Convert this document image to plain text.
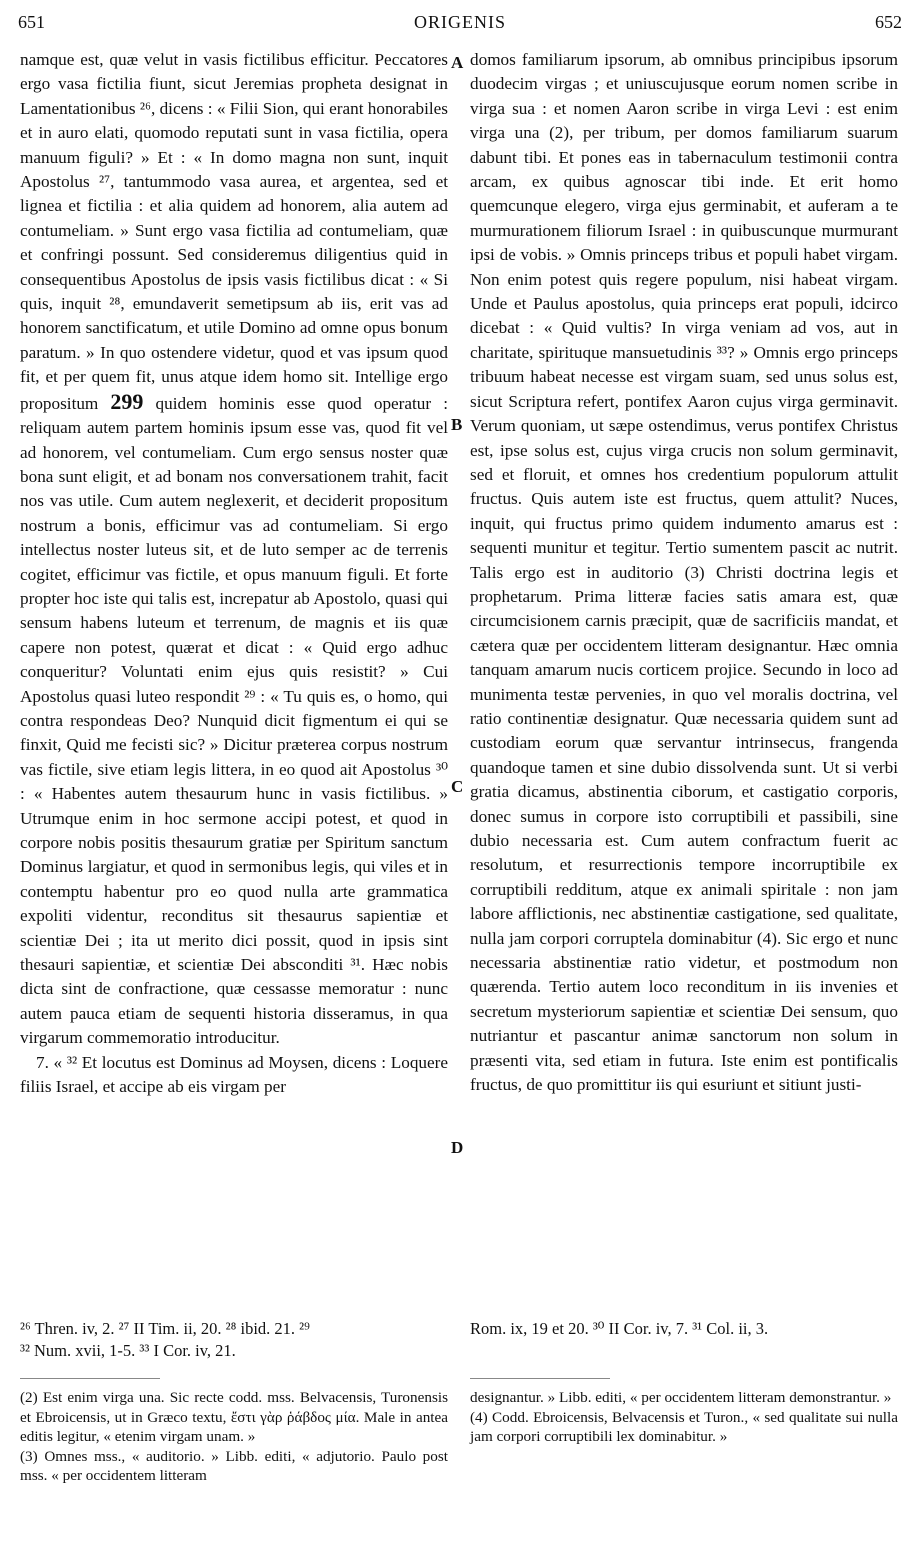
651	ORIGENIS	652
A
B
C
D

namque est, quæ velut in vasis fictilibus efficitur. Peccatores ergo vasa fictilia fiunt, sicut Jeremias propheta designat in Lamentationibus ²⁶, dicens : « Filii Sion, qui erant honorabiles et in auro elati, quomodo reputati sunt in vasa fictilia, opera manuum figuli? » Et : « In domo magna non sunt, inquit Apostolus ²⁷, tantummodo vasa aurea, et argentea, sed et lignea et fictilia : et alia quidem ad honorem, alia autem ad contumeliam. » Sunt ergo vasa fictilia ad contumeliam, quæ et confringi possunt. Sed consideremus diligentius quid in consequentibus Apostolus de ipsis vasis fictilibus dicat : « Si quis, inquit ²⁸, emundaverit semetipsum ab iis, erit vas ad honorem sanctificatum, et utile Domino ad omne opus bonum paratum. » In quo ostendere videtur, quod et vas ipsum quod fit, et per quem fit, unus atque idem homo sit. Intellige ergo propositum 299 quidem hominis esse quod operatur : reliquam autem partem hominis ipsum esse vas, quod fit vel ad honorem, vel contumeliam. Cum ergo sensus noster quæ bona sunt eligit, et ad bonam nos conversationem trahit, facit nos vas utile. Cum autem neglexerit, et deciderit propositum nostrum a bonis, efficimur vas ad contumeliam. Si ergo intellectus noster luteus sit, et de luto semper ac de terrenis cogitet, efficimur vas fictile, et opus manuum figuli. Et forte propter hoc iste qui talis est, increpatur ab Apostolo, quasi qui sensum habens luteum et terrenum, de magnis et iis quæ capere non potest, quærat et dicat : « Quid ergo adhuc conqueritur? Voluntati enim ejus quis resistit? » Cui Apostolus quasi luteo respondit ²⁹ : « Tu quis es, o homo, qui contra respondeas Deo? Nunquid dicit figmentum ei qui se finxit, Quid me fecisti sic? » Dicitur præterea corpus nostrum vas fictile, sive etiam legis littera, in eo quod ait Apostolus ³⁰ : « Habentes autem thesaurum hunc in vasis fictilibus. » Utrumque enim in hoc sermone accipi potest, et quod in corpore nobis positis thesaurum gratiæ per Spiritum sanctum Dominus largiatur, et quod in sermonibus legis, qui viles et in contemptu habentur pro eo quod nulla arte grammatica expoliti videntur, reconditus sit thesaurus sapientiæ et scientiæ Dei ; ita ut merito dici possit, quod in ipsis sint thesauri sapientiæ, et scientiæ Dei absconditi ³¹. Hæc nobis dicta sint de confractione, quæ cessasse memoratur : nunc autem pauca etiam de sequenti historia disseramus, in qua virgarum commemoratio introducitur.

7. « ³² Et locutus est Dominus ad Moysen, dicens : Loquere filiis Israel, et accipe ab eis virgam per

domos familiarum ipsorum, ab omnibus principibus ipsorum duodecim virgas ; et uniuscujusque eorum nomen scribe in virga sua : et nomen Aaron scribe in virga Levi : est enim virga una (2), per tribum, per domos familiarum suarum dabunt tibi. Et pones eas in tabernaculum testimonii contra arcam, ex quibus agnoscar tibi inde. Et erit homo quemcunque elegero, virga ejus germinabit, et auferam a te murmurationem filiorum Israel : in quibuscunque murmurant ipsi de vobis. » Omnis princeps tribus et populi habet virgam. Non enim potest quis regere populum, nisi habeat virgam. Unde et Paulus apostolus, quia princeps erat populi, idcirco dicebat : « Quid vultis? In virga veniam ad vos, aut in charitate, spirituque mansuetudinis ³³? » Omnis ergo princeps tribuum habeat necesse est virgam suam, sed unus solus est, sicut Scriptura refert, pontifex Aaron cujus virga germinavit. Verum quoniam, ut sæpe ostendimus, verus pontifex Christus est, ipse solus est, cujus virga crucis non solum germinavit, sed et floruit, et omnes hos credentium populorum attulit fructus. Quis autem iste est fructus, quem attulit? Nuces, inquit, qui fructus primo quidem indumento amarus est : sequenti munitur et tegitur. Tertio sumentem pascit ac nutrit. Talis ergo est in auditorio (3) Christi doctrina legis et prophetarum. Prima litteræ facies satis amara est, quæ circumcisionem carnis præcipit, quæ de sacrificiis mandat, et cætera quæ per occidentem litteram designantur. Hæc omnia tanquam amarum nucis corticem projice. Secundo in loco ad munimenta testæ pervenies, in quo vel moralis doctrina, vel ratio continentiæ designatur. Quæ necessaria quidem sunt ad custodiam eorum quæ servantur intrinsecus, frangenda quandoque tamen et sine dubio dissolvenda sunt. Ut si verbi gratia dicamus, abstinentia ciborum, et castigatio corporis, donec sumus in corpore isto corruptibili et passibili, sine dubio necessaria est. Cum autem confractum fuerit ac resolutum, et resurrectionis tempore incorruptibile ex corruptibili redditum, atque ex animali spiritale : non jam labore afflictionis, nec abstinentiæ castigatione, sed qualitate, nulla jam corpori corruptela dominabitur (4). Sic ergo et nunc necessaria abstinentiæ ratio videtur, et postmodum non quærenda. Tertio autem loco reconditum in iis invenies et secretum mysteriorum sapientiæ et scientiæ Dei sensum, quo nutriantur et pascantur animæ sanctorum non solum in præsenti vita, sed etiam in futura. Iste enim est pontificalis fructus, de quo promittitur iis qui esuriunt et sitiunt justi-

²⁶ Thren. iv, 2. ²⁷ II Tim. ii, 20. ²⁸ ibid. 21. ²⁹
³² Num. xvii, 1-5. ³³ I Cor. iv, 21.
Rom. ix, 19 et 20. ³⁰ II Cor. iv, 7. ³¹ Col. ii, 3.

(2) Est enim virga una. Sic recte codd. mss. Belvacensis, Turonensis et Ebroicensis, ut in Græco textu, ἔστι γὰρ ῥάβδος μία. Male in antea editis legitur, « etenim virgam unam. »

(3) Omnes mss., « auditorio. » Libb. editi, « adjutorio. Paulo post mss. « per occidentem litteram

designantur. » Libb. editi, « per occidentem litteram demonstrantur. »

(4) Codd. Ebroicensis, Belvacensis et Turon., « sed qualitate sui nulla jam corpori corruptibili lex dominabitur. »
